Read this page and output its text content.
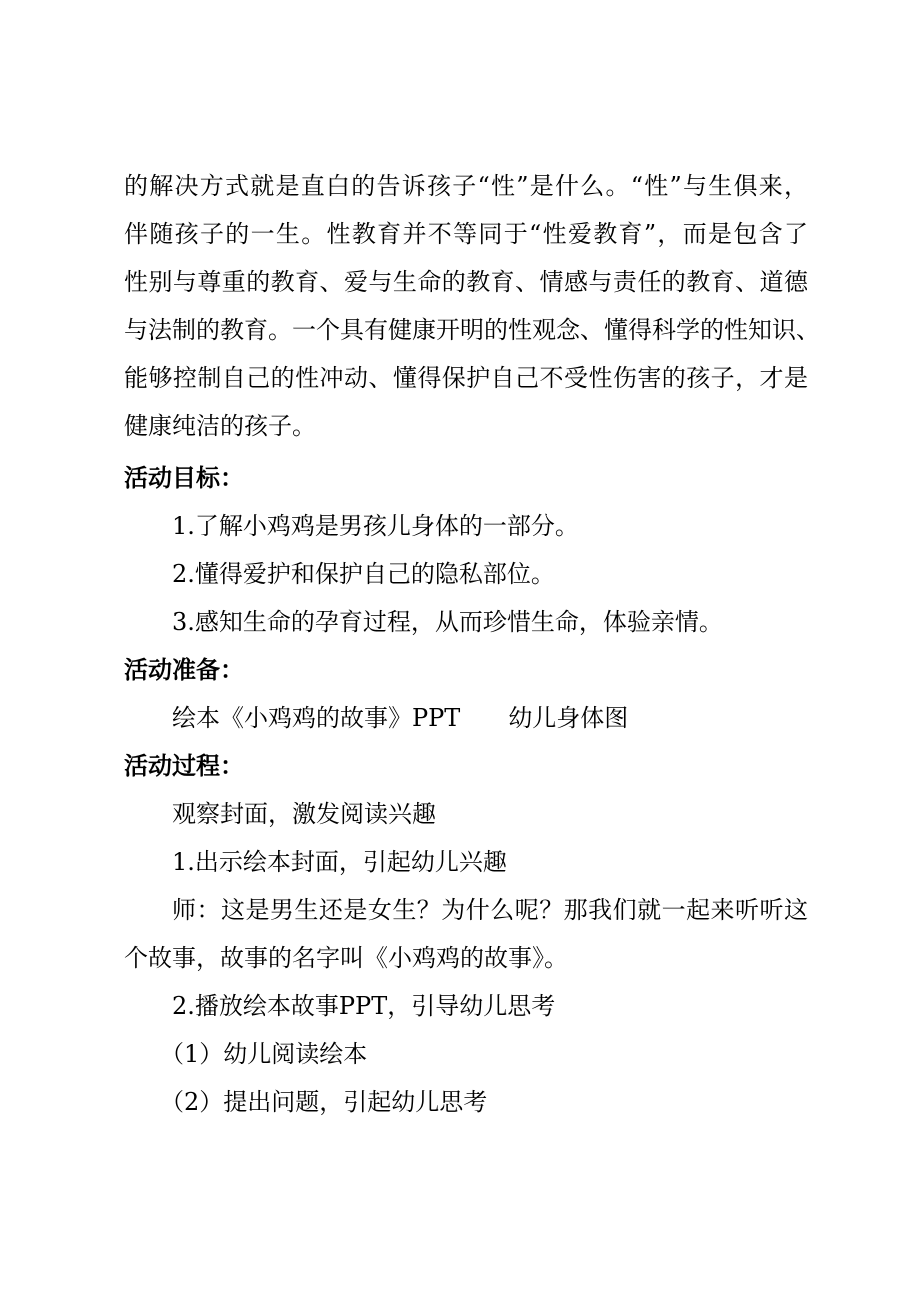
的解决方式就是直白的告诉孩子“性”是什么。“性”与生俱来，
伴随孩子的一生。性教育并不等同于“性爱教育”，而是包含了
性别与尊重的教育、爱与生命的教育、情感与责任的教育、道德
与法制的教育。一个具有健康开明的性观念、懂得科学的性知识、
能够控制自己的性冲动、懂得保护自己不受性伤害的孩子，才是
健康纯洁的孩子。
活动目标：
1.了解小鸡鸡是男孩儿身体的一部分。
2.懂得爱护和保护自己的隐私部位。
3.感知生命的孕育过程，从而珍惜生命，体验亲情。
活动准备：
绘本《小鸡鸡的故事》PPT 幼儿身体图
活动过程：
观察封面，激发阅读兴趣
1.出示绘本封面，引起幼儿兴趣
师：这是男生还是女生？为什么呢？那我们就一起来听听这
个故事，故事的名字叫《小鸡鸡的故事》。
2.播放绘本故事PPT，引导幼儿思考
（1）幼儿阅读绘本
（2）提出问题，引起幼儿思考
